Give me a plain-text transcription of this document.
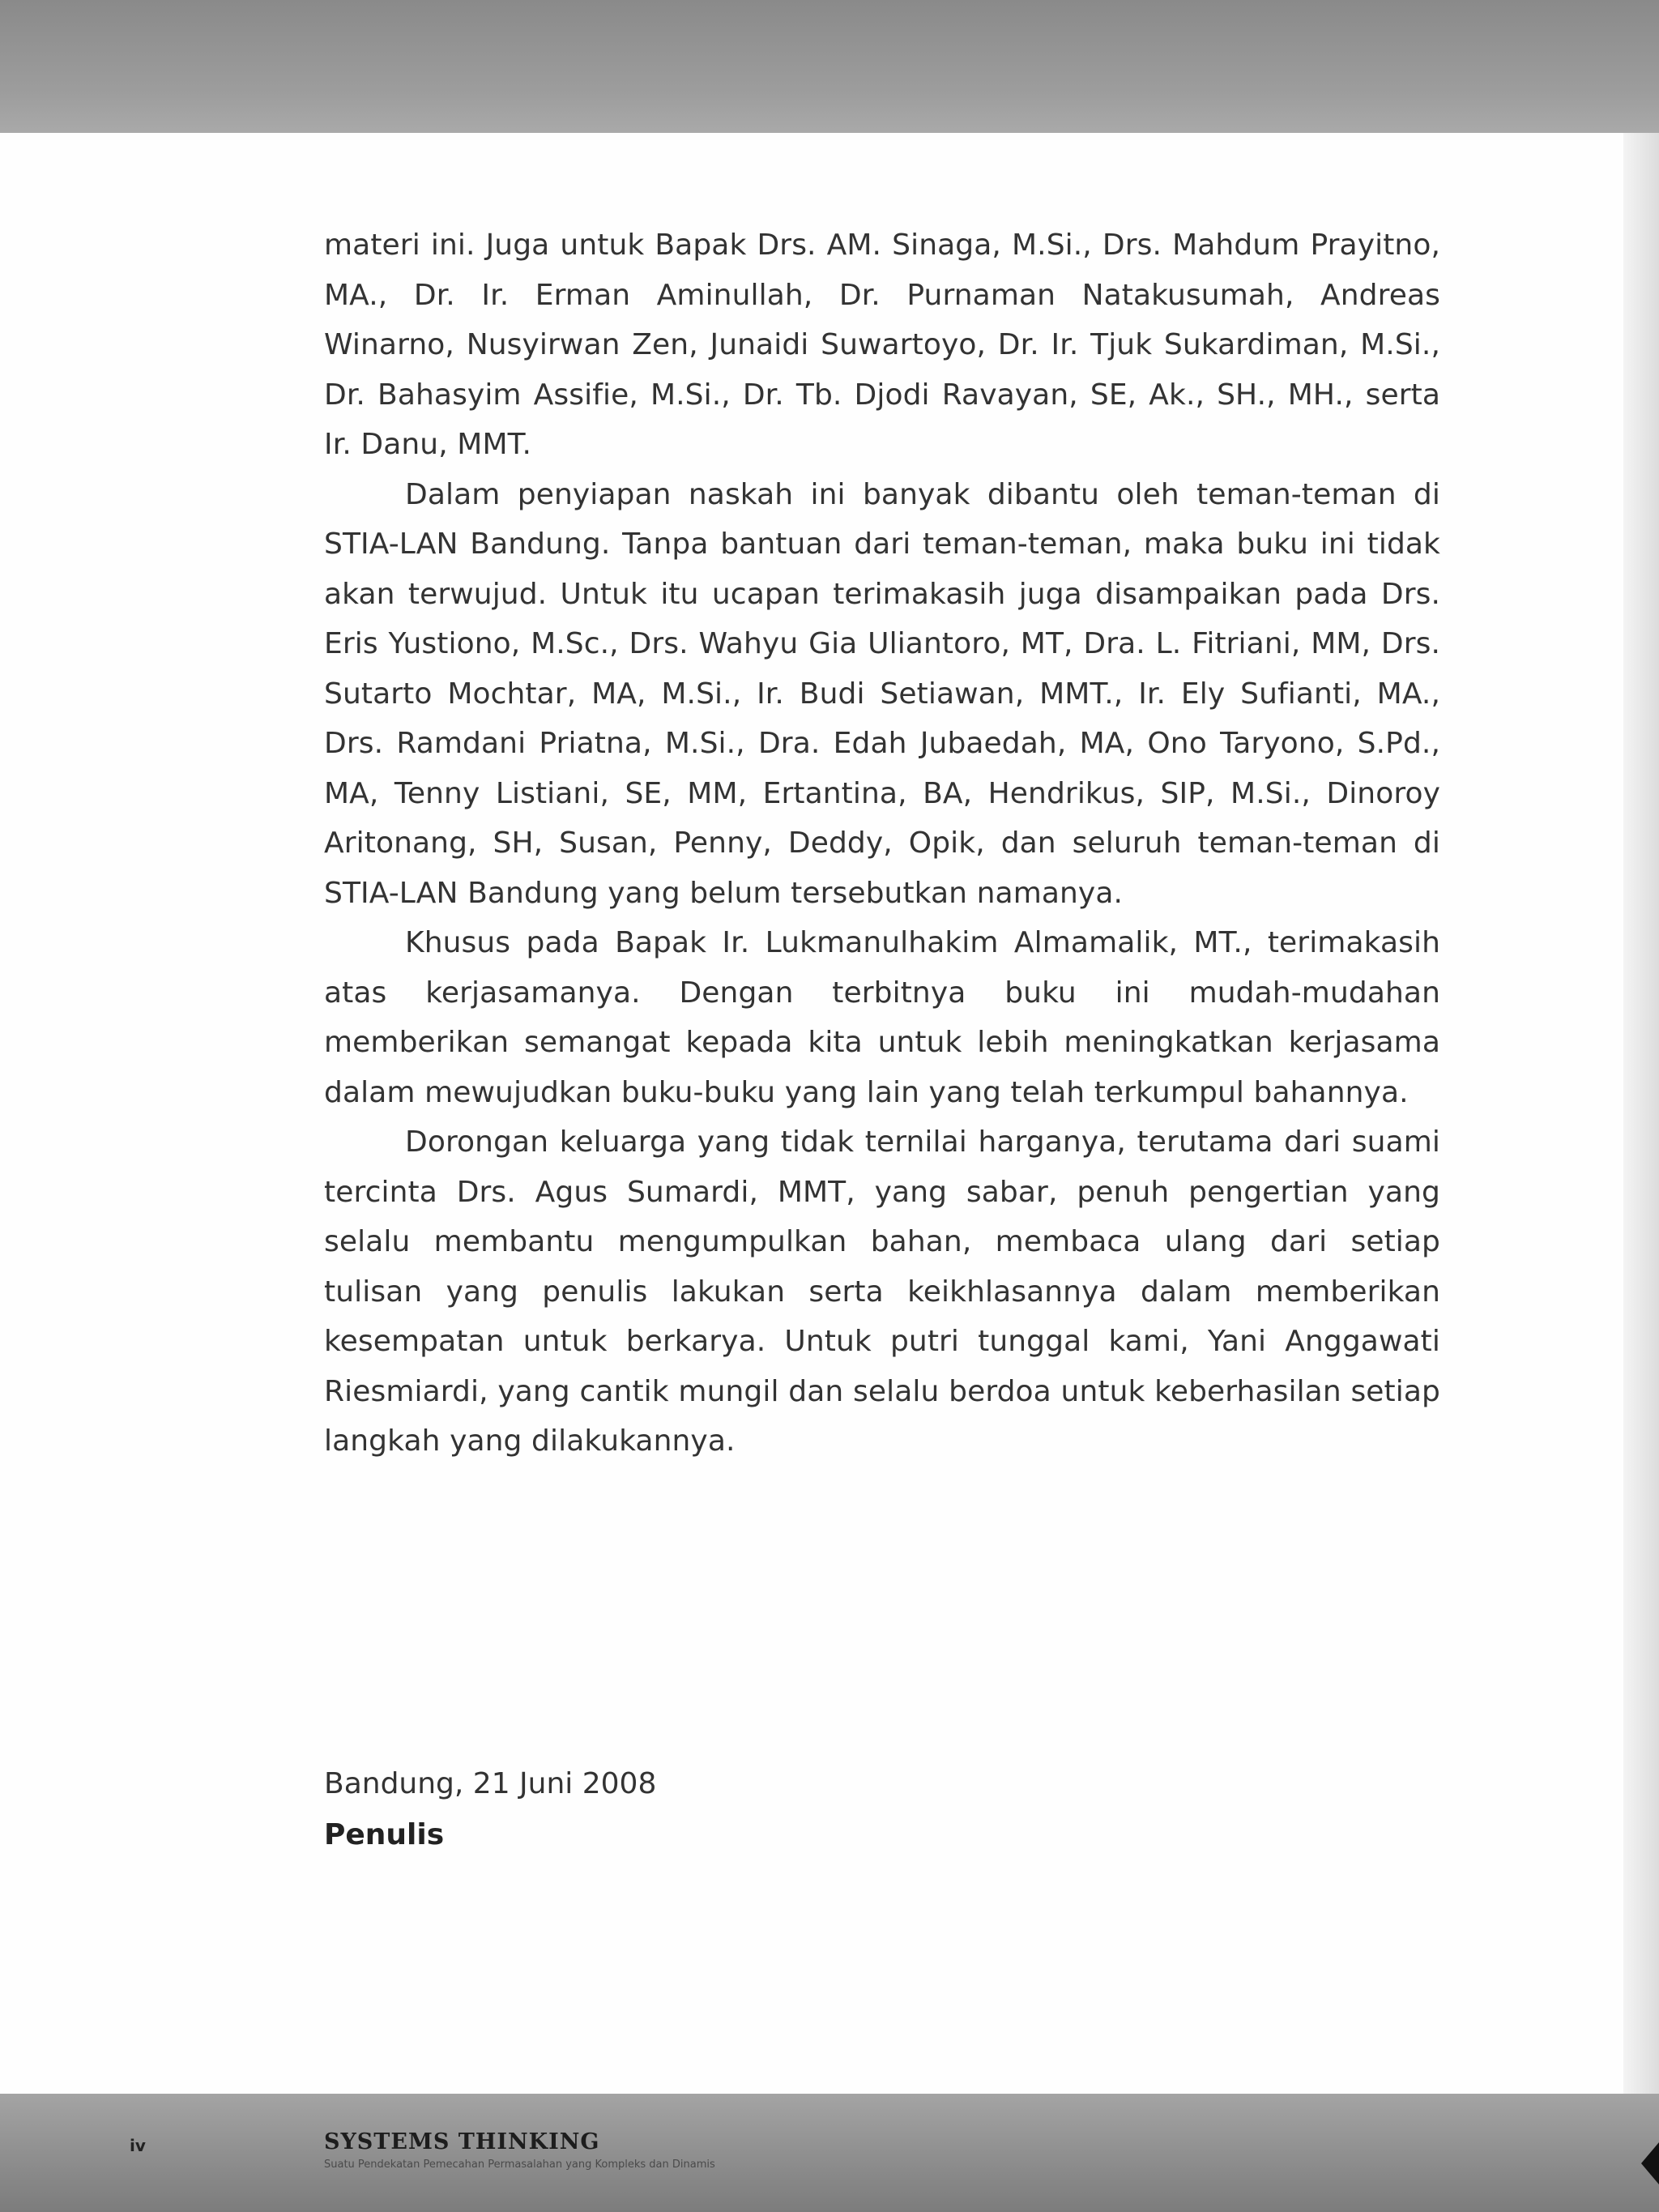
materi ini. Juga untuk Bapak Drs. AM. Sinaga, M.Si., Drs. Mahdum Prayitno, MA., Dr. Ir. Erman Aminullah, Dr. Purnaman Natakusumah, Andreas Winarno, Nusyirwan Zen, Junaidi Suwartoyo, Dr. Ir. Tjuk Sukardiman, M.Si., Dr. Bahasyim Assifie, M.Si., Dr. Tb. Djodi Ravayan, SE, Ak., SH., MH., serta Ir. Danu, MMT.

Dalam penyiapan naskah ini banyak dibantu oleh teman-teman di STIA-LAN Bandung. Tanpa bantuan dari teman-teman, maka buku ini tidak akan terwujud. Untuk itu ucapan terimakasih juga disampaikan pada Drs. Eris Yustiono, M.Sc., Drs. Wahyu Gia Uliantoro, MT, Dra. L. Fitriani, MM, Drs. Sutarto Mochtar, MA, M.Si., Ir. Budi Setiawan, MMT., Ir. Ely Sufianti, MA., Drs. Ramdani Priatna, M.Si., Dra. Edah Jubaedah, MA, Ono Taryono, S.Pd., MA, Tenny Listiani, SE, MM, Ertantina, BA, Hendrikus, SIP, M.Si., Dinoroy Aritonang, SH, Susan, Penny, Deddy, Opik, dan seluruh teman-teman di STIA-LAN Bandung yang belum tersebutkan namanya.

Khusus pada Bapak Ir. Lukmanulhakim Almamalik, MT., terimakasih atas kerjasamanya. Dengan terbitnya buku ini mudah-mudahan memberikan semangat kepada kita untuk lebih meningkatkan kerjasama dalam mewujudkan buku-buku yang lain yang telah terkumpul bahannya.

Dorongan keluarga yang tidak ternilai harganya, terutama dari suami tercinta Drs. Agus Sumardi, MMT, yang sabar, penuh pengertian yang selalu membantu mengumpulkan bahan, membaca ulang dari setiap tulisan yang penulis lakukan serta keikhlasannya dalam memberikan kesempatan untuk berkarya. Untuk putri tunggal kami, Yani Anggawati Riesmiardi, yang cantik mungil dan selalu berdoa untuk keberhasilan setiap langkah yang dilakukannya.

Bandung, 21 Juni 2008
Penulis
iv	SYSTEMS THINKING
Suatu Pendekatan Pemecahan Permasalahan yang Kompleks dan Dinamis
